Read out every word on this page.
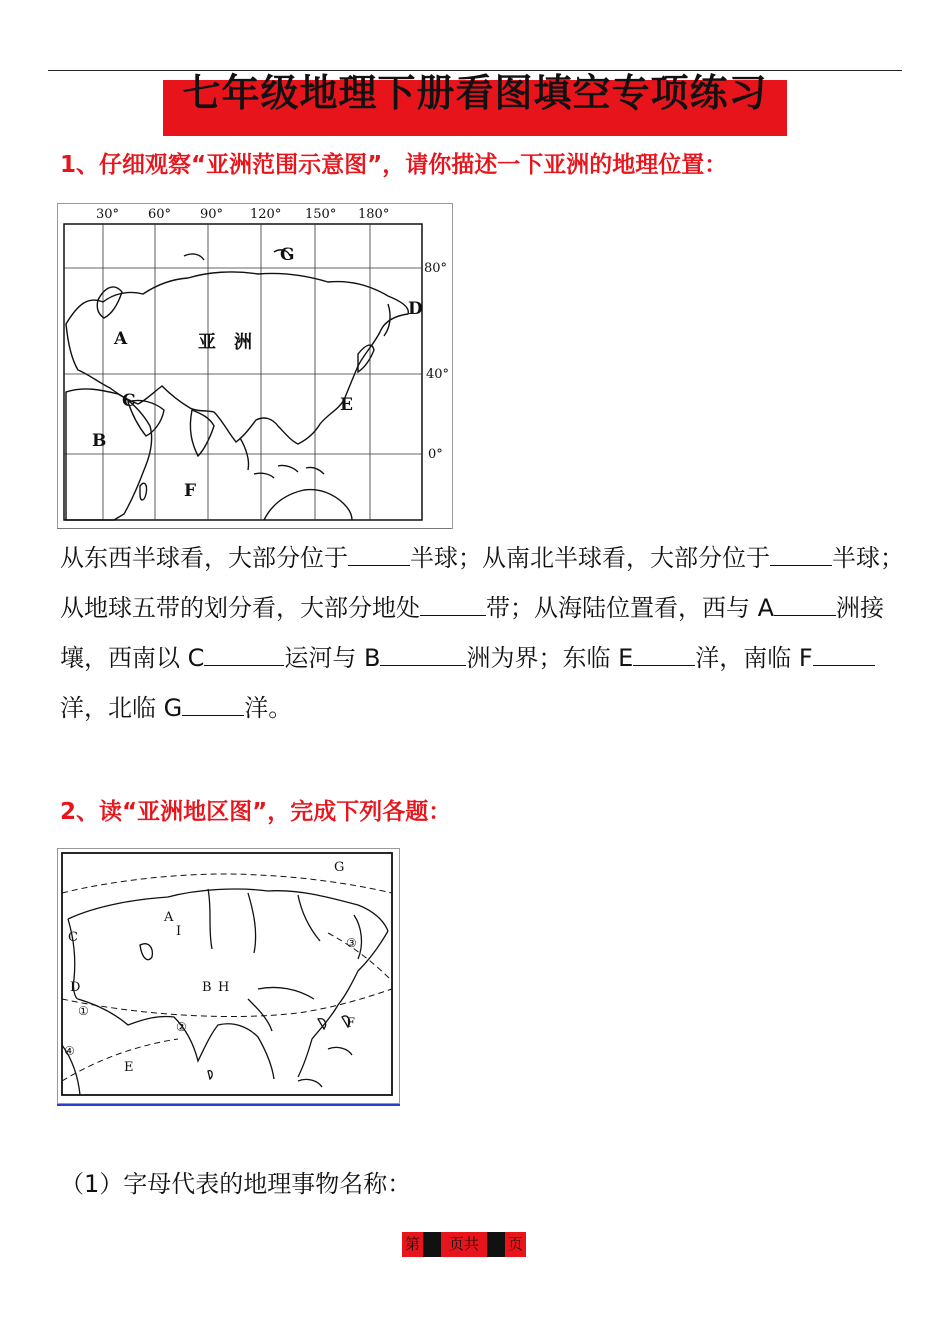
七年级地理下册看图填空专项练习
1、仔细观察“亚洲范围示意图”，请你描述一下亚洲的地理位置：
30° 60° 90° 120° 150° 180°
80°
40°
0°
A
B
C
D
E
F
G
亚　洲
从东西半球看，大部分位于	半球；从南北半球看，大部分位于	半球；从地球五带的划分看，大部分地处	带；从海陆位置看，西与 A	洲接壤，西南以 C	运河与 B	洲为界；东临 E	洋，南临 F洋，北临 G	洋。
2、读“亚洲地区图”，完成下列各题：
G
A
I
C
D	B H
F
E
①
②
③
④
（1）字母代表的地理事物名称：
第	页共	页
